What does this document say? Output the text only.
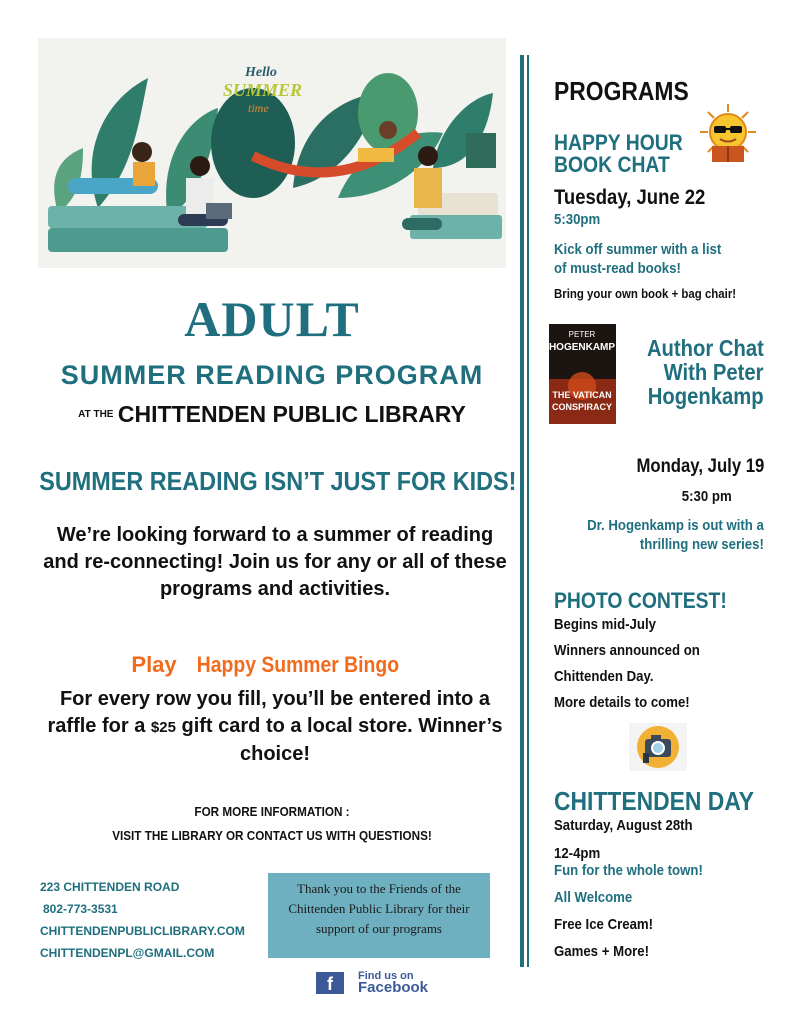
Hello
SUMMER
time
ADULT
SUMMER READING PROGRAM
AT THE CHITTENDEN PUBLIC LIBRARY
SUMMER READING ISN’T JUST FOR KIDS!
We’re looking forward to a summer of reading and re-connecting! Join us for any or all of these programs and activities.
Play Happy Summer Bingo
For every row you fill, you’ll be entered into a raffle for a $25 gift card to a local store. Winner’s choice!
FOR MORE INFORMATION :
VISIT THE LIBRARY OR CONTACT US WITH QUESTIONS!
223 CHITTENDEN ROAD
802-773-3531
CHITTENDENPUBLICLIBRARY.COM
CHITTENDENPL@GMAIL.COM
Thank you to the Friends of the Chittenden Public Library for their support of our programs
f	Find us on
Facebook
PROGRAMS
HAPPY HOUR
BOOK CHAT
Tuesday, June 22
5:30pm
Kick off summer with a list
of must-read books!
Bring your own book + bag chair!
PETER
HOGENKAMP
THE VATICAN
CONSPIRACY
Author Chat
With Peter
Hogenkamp
Monday, July 19
5:30 pm
Dr. Hogenkamp is out with a
thrilling new series!
PHOTO CONTEST!
Begins mid-July
Winners announced on
Chittenden Day.
More details to come!
CHITTENDEN DAY
Saturday, August 28th
12-4pm
Fun for the whole town!
All Welcome
Free Ice Cream!
Games + More!
